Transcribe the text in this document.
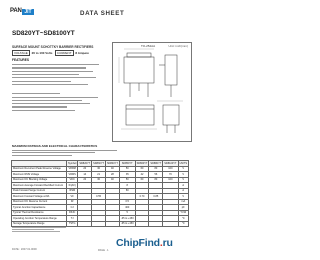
PAN JIT	DATA SHEET
SD820YT~SD8100YT
SURFACE MOUNT SCHOTTKY BARRIER RECTIFIERS
VOLTAGE 20 to 100 Volts CURRENT 8 Ampere
FEATURES
TO-252AA	Unit: inch(mm)
MAXIMUM RATINGS AND ELECTRICAL CHARACTERISTICS
	Symbol	SD820YT	SD830YT	SD840YT	SD850YT	SD860YT	SD880YT	SD8100YT	UNITS
Maximum Recurrent Peak Reverse Voltage	VRRM	20	30	40	50	60	80	100	V
Maximum RMS Voltage	VRMS	14	21	28	35	42	56	70	V
Maximum DC Blocking Voltage	VDC	20	30	40	50	60	80	100	V
Maximum Average Forward Rectified Current	IF(AV)				8				A
Peak Forward Surge Current	IFSM				80				A
Maximum Forward Voltage at 8A	VF		0.55			0.70	0.85		V
Maximum DC Reverse Current	IR				0.5				mA
Typical Junction Capacitance	CJ				400				pF
Typical Thermal Resistance	RθJC				5				°C/W
Operating Junction Temperature Range	TJ				-65 to +150				°C
Storage Temperature Range	TSTG				-65 to +150				°C
DATE : 2007.01.0000	PAGE . 1
ChipFind.ru
